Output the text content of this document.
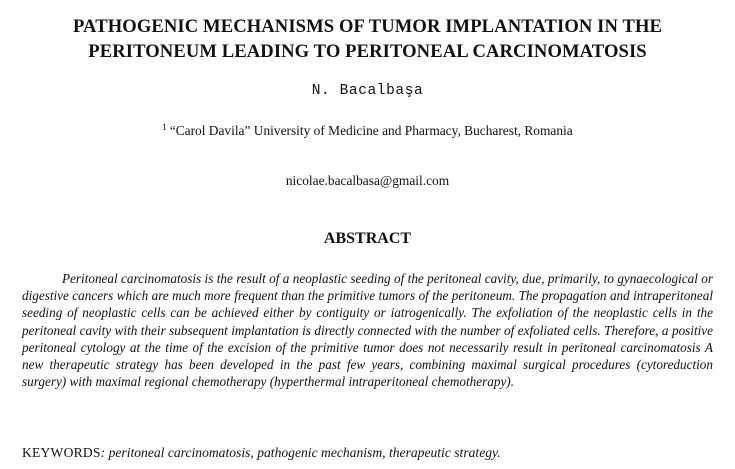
PATHOGENIC MECHANISMS OF TUMOR IMPLANTATION IN THE
PERITONEUM LEADING TO PERITONEAL CARCINOMATOSIS
N. Bacalbaşa
$^1$ “Carol Davila” University of Medicine and Pharmacy, Bucharest, Romania
nicolae.bacalbasa@gmail.com
ABSTRACT

Peritoneal carcinomatosis is the result of a neoplastic seeding of the peritoneal cavity, due, primarily, to gynaecological or digestive cancers which are much more frequent than the primitive tumors of the peritoneum. The propagation and intraperitoneal seeding of neoplastic cells can be achieved either by contiguity or iatrogenically. The exfoliation of the neoplastic cells in the peritoneal cavity with their subsequent implantation is directly connected with the number of exfoliated cells. Therefore, a positive peritoneal cytology at the time of the excision of the primitive tumor does not necessarily result in peritoneal carcinomatosis A new therapeutic strategy has been developed in the past few years, combining maximal surgical procedures (cytoreduction surgery) with maximal regional chemotherapy (hyperthermal intraperitoneal chemotherapy).

KEYWORDS: peritoneal carcinomatosis, pathogenic mechanism, therapeutic strategy.
